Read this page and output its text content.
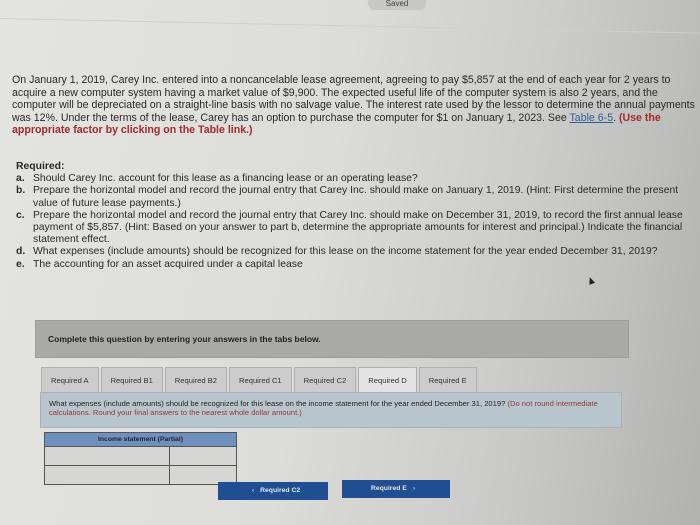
Saved
On January 1, 2019, Carey Inc. entered into a noncancelable lease agreement, agreeing to pay $5,857 at the end of each year for 2 years to acquire a new computer system having a market value of $9,900. The expected useful life of the computer system is also 2 years, and the computer will be depreciated on a straight-line basis with no salvage value. The interest rate used by the lessor to determine the annual payments was 12%. Under the terms of the lease, Carey has an option to purchase the computer for $1 on January 1, 2023. See Table 6-5. (Use the appropriate factor by clicking on the Table link.)
Required:
a. Should Carey Inc. account for this lease as a financing lease or an operating lease?
b. Prepare the horizontal model and record the journal entry that Carey Inc. should make on January 1, 2019. (Hint: First determine the present value of future lease payments.)
c. Prepare the horizontal model and record the journal entry that Carey Inc. should make on December 31, 2019, to record the first annual lease payment of $5,857. (Hint: Based on your answer to part b, determine the appropriate amounts for interest and principal.) Indicate the financial statement effect.
d. What expenses (include amounts) should be recognized for this lease on the income statement for the year ended December 31, 2019?
e. The accounting for an asset acquired under a capital lease
Complete this question by entering your answers in the tabs below.
Required A	Required B1	Required B2	Required C1	Required C2	Required D	Required E

What expenses (include amounts) should be recognized for this lease on the income statement for the year ended December 31, 2019? (Do not round intermediate calculations. Round your final answers to the nearest whole dollar amount.)

Income statement (Partial)	

‹ Required C2	Required E ›
